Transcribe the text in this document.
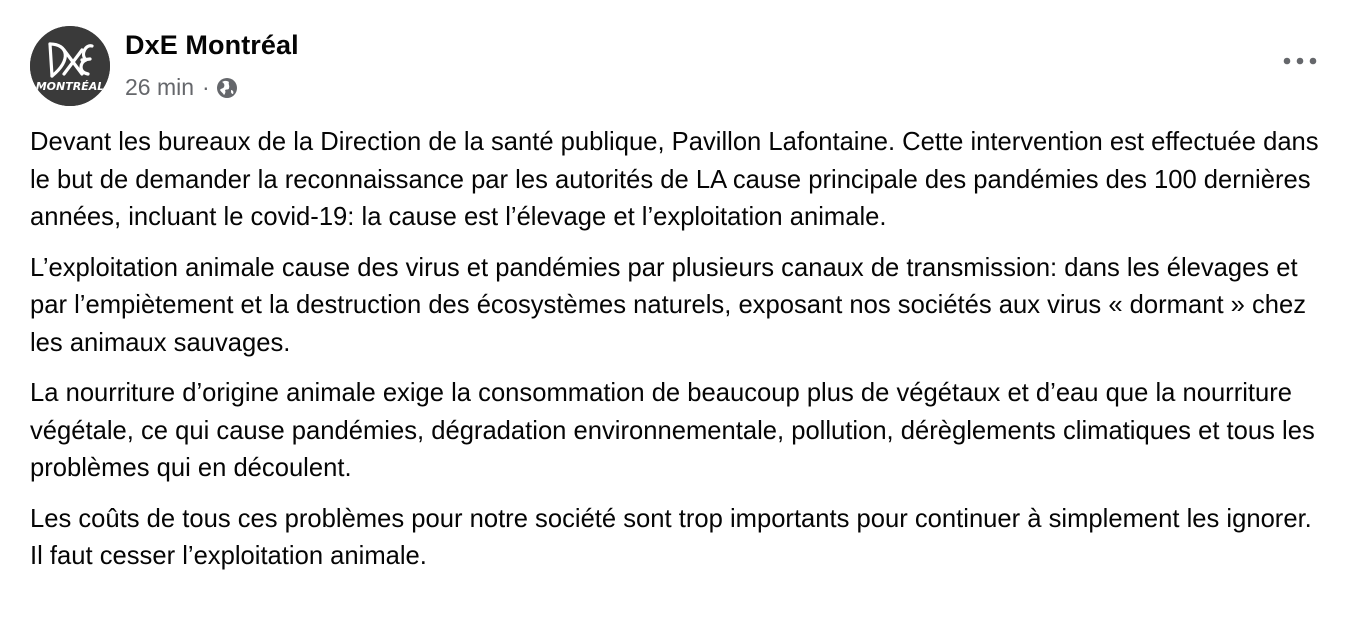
MONTRÉAL
DxE Montréal
26 min ·

Devant les bureaux de la Direction de la santé publique, Pavillon Lafontaine. Cette intervention est effectuée dans le but de demander la reconnaissance par les autorités de LA cause principale des pandémies des 100 dernières années, incluant le covid-19: la cause est l’élevage et l’exploitation animale.

L’exploitation animale cause des virus et pandémies par plusieurs canaux de transmission: dans les élevages et par l’empiètement et la destruction des écosystèmes naturels, exposant nos sociétés aux virus « dormant » chez les animaux sauvages.

La nourriture d’origine animale exige la consommation de beaucoup plus de végétaux et d’eau que la nourriture végétale, ce qui cause pandémies, dégradation environnementale, pollution, dérèglements climatiques et tous les problèmes qui en découlent.

Les coûts de tous ces problèmes pour notre société sont trop importants pour continuer à simplement les ignorer. Il faut cesser l’exploitation animale.
